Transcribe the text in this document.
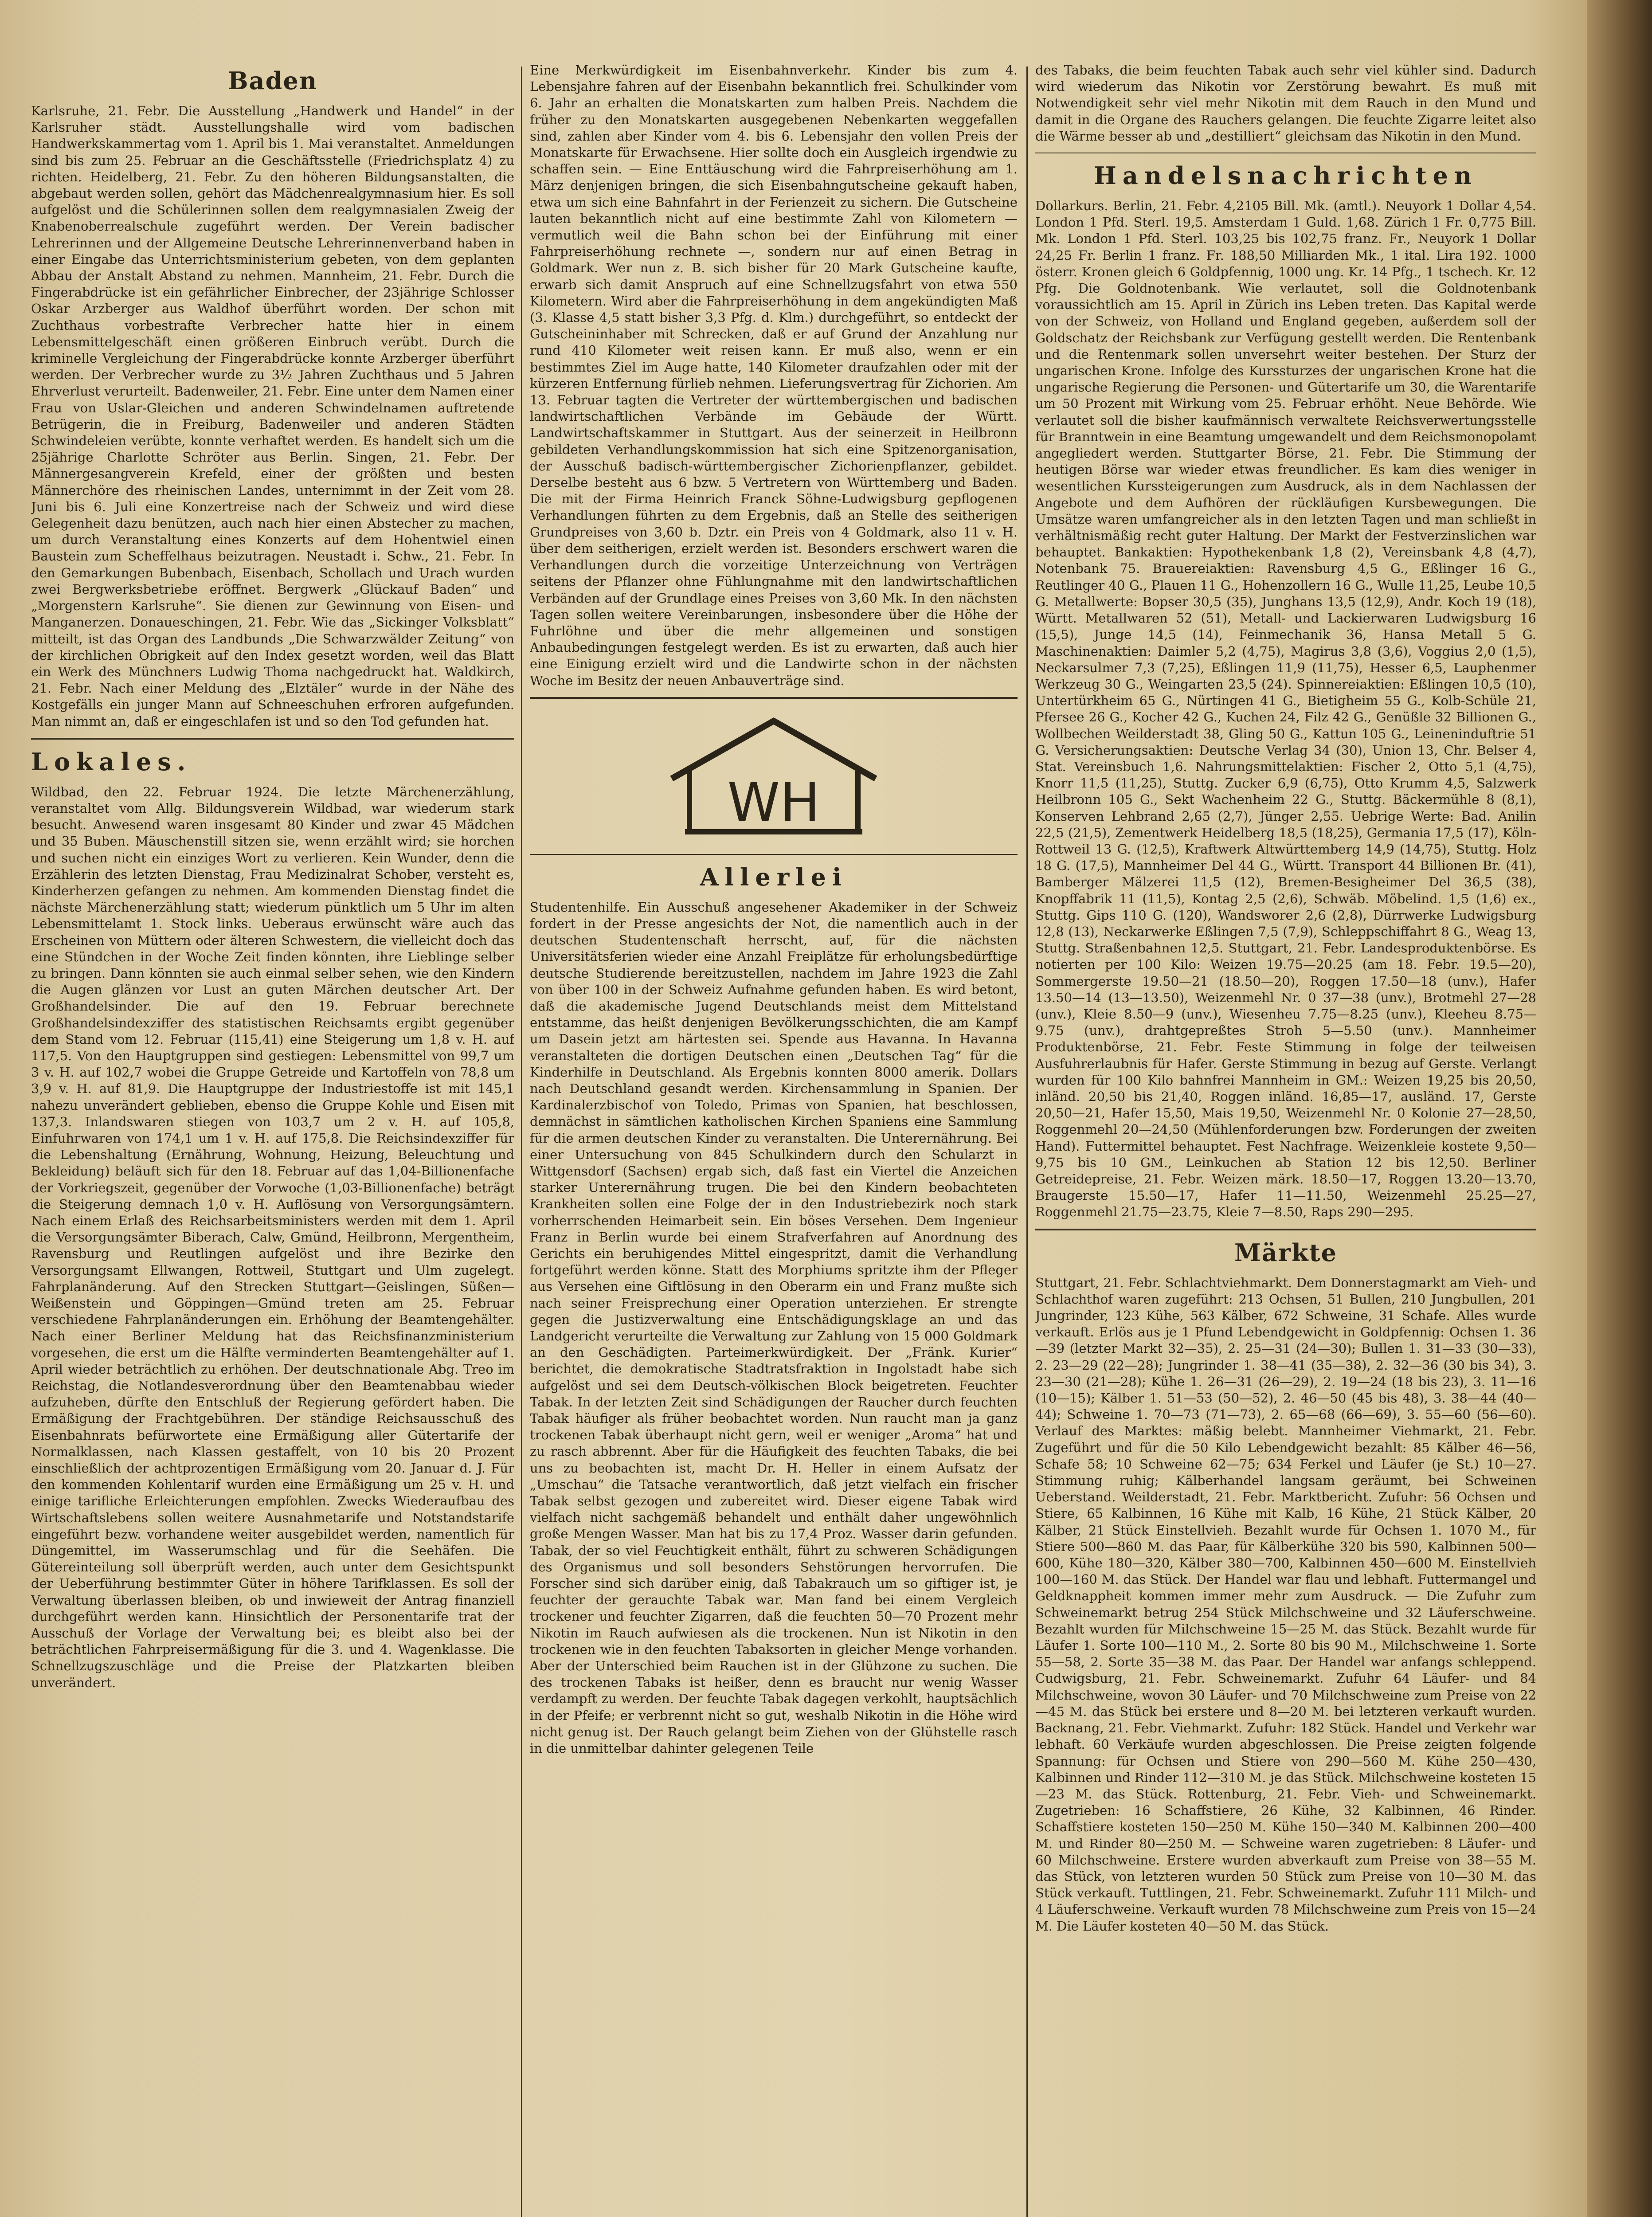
Baden

Karlsruhe, 21. Febr. Die Ausstellung „Handwerk und Handel“ in der Karlsruher städt. Ausstellungshalle wird vom badischen Handwerkskammertag vom 1. April bis 1. Mai veranstaltet. Anmeldungen sind bis zum 25. Februar an die Geschäftsstelle (Friedrichsplatz 4) zu richten. Heidelberg, 21. Febr. Zu den höheren Bildungsanstalten, die abgebaut werden sollen, gehört das Mädchenrealgymnasium hier. Es soll aufgelöst und die Schülerinnen sollen dem realgymnasialen Zweig der Knabenoberrealschule zugeführt werden. Der Verein badischer Lehrerinnen und der Allgemeine Deutsche Lehrerinnenverband haben in einer Eingabe das Unterrichtsministerium gebeten, von dem geplanten Abbau der Anstalt Abstand zu nehmen. Mannheim, 21. Febr. Durch die Fingerabdrücke ist ein gefährlicher Einbrecher, der 23jährige Schlosser Oskar Arzberger aus Waldhof überführt worden. Der schon mit Zuchthaus vorbestrafte Verbrecher hatte hier in einem Lebensmittelgeschäft einen größeren Einbruch verübt. Durch die kriminelle Vergleichung der Fingerabdrücke konnte Arzberger überführt werden. Der Verbrecher wurde zu 3½ Jahren Zuchthaus und 5 Jahren Ehrverlust verurteilt. Badenweiler, 21. Febr. Eine unter dem Namen einer Frau von Uslar-Gleichen und anderen Schwindelnamen auftretende Betrügerin, die in Freiburg, Badenweiler und anderen Städten Schwindeleien verübte, konnte verhaftet werden. Es handelt sich um die 25jährige Charlotte Schröter aus Berlin. Singen, 21. Febr. Der Männergesangverein Krefeld, einer der größten und besten Männerchöre des rheinischen Landes, unternimmt in der Zeit vom 28. Juni bis 6. Juli eine Konzertreise nach der Schweiz und wird diese Gelegenheit dazu benützen, auch nach hier einen Abstecher zu machen, um durch Veranstaltung eines Konzerts auf dem Hohentwiel einen Baustein zum Scheffelhaus beizutragen. Neustadt i. Schw., 21. Febr. In den Gemarkungen Bubenbach, Eisenbach, Schollach und Urach wurden zwei Bergwerksbetriebe eröffnet. Bergwerk „Glückauf Baden“ und „Morgenstern Karlsruhe“. Sie dienen zur Gewinnung von Eisen- und Manganerzen. Donaueschingen, 21. Febr. Wie das „Sickinger Volksblatt“ mitteilt, ist das Organ des Landbunds „Die Schwarzwälder Zeitung“ von der kirchlichen Obrigkeit auf den Index gesetzt worden, weil das Blatt ein Werk des Münchners Ludwig Thoma nachgedruckt hat. Waldkirch, 21. Febr. Nach einer Meldung des „Elztäler“ wurde in der Nähe des Kostgefälls ein junger Mann auf Schneeschuhen erfroren aufgefunden. Man nimmt an, daß er eingeschlafen ist und so den Tod gefunden hat.

Lokales.

Wildbad, den 22. Februar 1924. Die letzte Märchenerzählung, veranstaltet vom Allg. Bildungsverein Wildbad, war wiederum stark besucht. Anwesend waren insgesamt 80 Kinder und zwar 45 Mädchen und 35 Buben. Mäuschenstill sitzen sie, wenn erzählt wird; sie horchen und suchen nicht ein einziges Wort zu verlieren. Kein Wunder, denn die Erzählerin des letzten Dienstag, Frau Medizinalrat Schober, versteht es, Kinderherzen gefangen zu nehmen. Am kommenden Dienstag findet die nächste Märchenerzählung statt; wiederum pünktlich um 5 Uhr im alten Lebensmittelamt 1. Stock links. Ueberaus erwünscht wäre auch das Erscheinen von Müttern oder älteren Schwestern, die vielleicht doch das eine Stündchen in der Woche Zeit finden könnten, ihre Lieblinge selber zu bringen. Dann könnten sie auch einmal selber sehen, wie den Kindern die Augen glänzen vor Lust an guten Märchen deutscher Art. Der Großhandelsinder. Die auf den 19. Februar berechnete Großhandelsindexziffer des statistischen Reichsamts ergibt gegenüber dem Stand vom 12. Februar (115,41) eine Steigerung um 1,8 v. H. auf 117,5. Von den Hauptgruppen sind gestiegen: Lebensmittel von 99,7 um 3 v. H. auf 102,7 wobei die Gruppe Getreide und Kartoffeln von 78,8 um 3,9 v. H. auf 81,9. Die Hauptgruppe der Industriestoffe ist mit 145,1 nahezu unverändert geblieben, ebenso die Gruppe Kohle und Eisen mit 137,3. Inlandswaren stiegen von 103,7 um 2 v. H. auf 105,8, Einfuhrwaren von 174,1 um 1 v. H. auf 175,8. Die Reichsindexziffer für die Lebenshaltung (Ernährung, Wohnung, Heizung, Beleuchtung und Bekleidung) beläuft sich für den 18. Februar auf das 1,04-Billionenfache der Vorkriegszeit, gegenüber der Vorwoche (1,03-Billionenfache) beträgt die Steigerung demnach 1,0 v. H. Auflösung von Versorgungsämtern. Nach einem Erlaß des Reichsarbeitsministers werden mit dem 1. April die Versorgungsämter Biberach, Calw, Gmünd, Heilbronn, Mergentheim, Ravensburg und Reutlingen aufgelöst und ihre Bezirke den Versorgungsamt Ellwangen, Rottweil, Stuttgart und Ulm zugelegt. Fahrplanänderung. Auf den Strecken Stuttgart—Geislingen, Süßen—Weißenstein und Göppingen—Gmünd treten am 25. Februar verschiedene Fahrplanänderungen ein. Erhöhung der Beamtengehälter. Nach einer Berliner Meldung hat das Reichsfinanzministerium vorgesehen, die erst um die Hälfte verminderten Beamtengehälter auf 1. April wieder beträchtlich zu erhöhen. Der deutschnationale Abg. Treo im Reichstag, die Notlandesverordnung über den Beamtenabbau wieder aufzuheben, dürfte den Entschluß der Regierung gefördert haben. Die Ermäßigung der Frachtgebühren. Der ständige Reichsausschuß des Eisenbahnrats befürwortete eine Ermäßigung aller Gütertarife der Normalklassen, nach Klassen gestaffelt, von 10 bis 20 Prozent einschließlich der achtprozentigen Ermäßigung vom 20. Januar d. J. Für den kommenden Kohlentarif wurden eine Ermäßigung um 25 v. H. und einige tarifliche Erleichterungen empfohlen. Zwecks Wiederaufbau des Wirtschaftslebens sollen weitere Ausnahmetarife und Notstandstarife eingeführt bezw. vorhandene weiter ausgebildet werden, namentlich für Düngemittel, im Wasserumschlag und für die Seehäfen. Die Gütereinteilung soll überprüft werden, auch unter dem Gesichtspunkt der Ueberführung bestimmter Güter in höhere Tarifklassen. Es soll der Verwaltung überlassen bleiben, ob und inwieweit der Antrag finanziell durchgeführt werden kann. Hinsichtlich der Personentarife trat der Ausschuß der Vorlage der Verwaltung bei; es bleibt also bei der beträchtlichen Fahrpreisermäßigung für die 3. und 4. Wagenklasse. Die Schnellzugszuschläge und die Preise der Platzkarten bleiben unverändert.

Eine Merkwürdigkeit im Eisenbahnverkehr. Kinder bis zum 4. Lebensjahre fahren auf der Eisenbahn bekanntlich frei. Schulkinder vom 6. Jahr an erhalten die Monatskarten zum halben Preis. Nachdem die früher zu den Monatskarten ausgegebenen Nebenkarten weggefallen sind, zahlen aber Kinder vom 4. bis 6. Lebensjahr den vollen Preis der Monatskarte für Erwachsene. Hier sollte doch ein Ausgleich irgendwie zu schaffen sein. — Eine Enttäuschung wird die Fahrpreiserhöhung am 1. März denjenigen bringen, die sich Eisenbahngutscheine gekauft haben, etwa um sich eine Bahnfahrt in der Ferienzeit zu sichern. Die Gutscheine lauten bekanntlich nicht auf eine bestimmte Zahl von Kilometern — vermutlich weil die Bahn schon bei der Einführung mit einer Fahrpreiserhöhung rechnete —, sondern nur auf einen Betrag in Goldmark. Wer nun z. B. sich bisher für 20 Mark Gutscheine kaufte, erwarb sich damit Anspruch auf eine Schnellzugsfahrt von etwa 550 Kilometern. Wird aber die Fahrpreiserhöhung in dem angekündigten Maß (3. Klasse 4,5 statt bisher 3,3 Pfg. d. Klm.) durchgeführt, so entdeckt der Gutscheininhaber mit Schrecken, daß er auf Grund der Anzahlung nur rund 410 Kilometer weit reisen kann. Er muß also, wenn er ein bestimmtes Ziel im Auge hatte, 140 Kilometer draufzahlen oder mit der kürzeren Entfernung fürlieb nehmen. Lieferungsvertrag für Zichorien. Am 13. Februar tagten die Vertreter der württembergischen und badischen landwirtschaftlichen Verbände im Gebäude der Württ. Landwirtschaftskammer in Stuttgart. Aus der seinerzeit in Heilbronn gebildeten Verhandlungskommission hat sich eine Spitzenorganisation, der Ausschuß badisch-württembergischer Zichorienpflanzer, gebildet. Derselbe besteht aus 6 bzw. 5 Vertretern von Württemberg und Baden. Die mit der Firma Heinrich Franck Söhne-Ludwigsburg gepflogenen Verhandlungen führten zu dem Ergebnis, daß an Stelle des seitherigen Grundpreises von 3,60 b. Dztr. ein Preis von 4 Goldmark, also 11 v. H. über dem seitherigen, erzielt werden ist. Besonders erschwert waren die Verhandlungen durch die vorzeitige Unterzeichnung von Verträgen seitens der Pflanzer ohne Fühlungnahme mit den landwirtschaftlichen Verbänden auf der Grundlage eines Preises von 3,60 Mk. In den nächsten Tagen sollen weitere Vereinbarungen, insbesondere über die Höhe der Fuhrlöhne und über die mehr allgemeinen und sonstigen Anbaubedingungen festgelegt werden. Es ist zu erwarten, daß auch hier eine Einigung erzielt wird und die Landwirte schon in der nächsten Woche im Besitz der neuen Anbauverträge sind.

WH
Allerlei

Studentenhilfe. Ein Ausschuß angesehener Akademiker in der Schweiz fordert in der Presse angesichts der Not, die namentlich auch in der deutschen Studentenschaft herrscht, auf, für die nächsten Universitätsferien wieder eine Anzahl Freiplätze für erholungsbedürftige deutsche Studierende bereitzustellen, nachdem im Jahre 1923 die Zahl von über 100 in der Schweiz Aufnahme gefunden haben. Es wird betont, daß die akademische Jugend Deutschlands meist dem Mittelstand entstamme, das heißt denjenigen Bevölkerungsschichten, die am Kampf um Dasein jetzt am härtesten sei. Spende aus Havanna. In Havanna veranstalteten die dortigen Deutschen einen „Deutschen Tag“ für die Kinderhilfe in Deutschland. Als Ergebnis konnten 8000 amerik. Dollars nach Deutschland gesandt werden. Kirchensammlung in Spanien. Der Kardinalerzbischof von Toledo, Primas von Spanien, hat beschlossen, demnächst in sämtlichen katholischen Kirchen Spaniens eine Sammlung für die armen deutschen Kinder zu veranstalten. Die Unterernährung. Bei einer Untersuchung von 845 Schulkindern durch den Schularzt in Wittgensdorf (Sachsen) ergab sich, daß fast ein Viertel die Anzeichen starker Unterernährung trugen. Die bei den Kindern beobachteten Krankheiten sollen eine Folge der in den Industriebezirk noch stark vorherrschenden Heimarbeit sein. Ein böses Versehen. Dem Ingenieur Franz in Berlin wurde bei einem Strafverfahren auf Anordnung des Gerichts ein beruhigendes Mittel eingespritzt, damit die Verhandlung fortgeführt werden könne. Statt des Morphiums spritzte ihm der Pfleger aus Versehen eine Giftlösung in den Oberarm ein und Franz mußte sich nach seiner Freisprechung einer Operation unterziehen. Er strengte gegen die Justizverwaltung eine Entschädigungsklage an und das Landgericht verurteilte die Verwaltung zur Zahlung von 15 000 Goldmark an den Geschädigten. Parteimerkwürdigkeit. Der „Fränk. Kurier“ berichtet, die demokratische Stadtratsfraktion in Ingolstadt habe sich aufgelöst und sei dem Deutsch-völkischen Block beigetreten. Feuchter Tabak. In der letzten Zeit sind Schädigungen der Raucher durch feuchten Tabak häufiger als früher beobachtet worden. Nun raucht man ja ganz trockenen Tabak überhaupt nicht gern, weil er weniger „Aroma“ hat und zu rasch abbrennt. Aber für die Häufigkeit des feuchten Tabaks, die bei uns zu beobachten ist, macht Dr. H. Heller in einem Aufsatz der „Umschau“ die Tatsache verantwortlich, daß jetzt vielfach ein frischer Tabak selbst gezogen und zubereitet wird. Dieser eigene Tabak wird vielfach nicht sachgemäß behandelt und enthält daher ungewöhnlich große Mengen Wasser. Man hat bis zu 17,4 Proz. Wasser darin gefunden. Tabak, der so viel Feuchtigkeit enthält, führt zu schweren Schädigungen des Organismus und soll besonders Sehstörungen hervorrufen. Die Forscher sind sich darüber einig, daß Tabakrauch um so giftiger ist, je feuchter der gerauchte Tabak war. Man fand bei einem Vergleich trockener und feuchter Zigarren, daß die feuchten 50—70 Prozent mehr Nikotin im Rauch aufwiesen als die trockenen. Nun ist Nikotin in den trockenen wie in den feuchten Tabaksorten in gleicher Menge vorhanden. Aber der Unterschied beim Rauchen ist in der Glühzone zu suchen. Die des trockenen Tabaks ist heißer, denn es braucht nur wenig Wasser verdampft zu werden. Der feuchte Tabak dagegen verkohlt, hauptsächlich in der Pfeife; er verbrennt nicht so gut, weshalb Nikotin in die Höhe wird nicht genug ist. Der Rauch gelangt beim Ziehen von der Glühstelle rasch in die unmittelbar dahinter gelegenen Teile

des Tabaks, die beim feuchten Tabak auch sehr viel kühler sind. Dadurch wird wiederum das Nikotin vor Zerstörung bewahrt. Es muß mit Notwendigkeit sehr viel mehr Nikotin mit dem Rauch in den Mund und damit in die Organe des Rauchers gelangen. Die feuchte Zigarre leitet also die Wärme besser ab und „destilliert“ gleichsam das Nikotin in den Mund.

Handelsnachrichten

Dollarkurs. Berlin, 21. Febr. 4,2105 Bill. Mk. (amtl.). Neuyork 1 Dollar 4,54. London 1 Pfd. Sterl. 19,5. Amsterdam 1 Guld. 1,68. Zürich 1 Fr. 0,775 Bill. Mk. London 1 Pfd. Sterl. 103,25 bis 102,75 franz. Fr., Neuyork 1 Dollar 24,25 Fr. Berlin 1 franz. Fr. 188,50 Milliarden Mk., 1 ital. Lira 192. 1000 österr. Kronen gleich 6 Goldpfennig, 1000 ung. Kr. 14 Pfg., 1 tschech. Kr. 12 Pfg. Die Goldnotenbank. Wie verlautet, soll die Goldnotenbank voraussichtlich am 15. April in Zürich ins Leben treten. Das Kapital werde von der Schweiz, von Holland und England gegeben, außerdem soll der Goldschatz der Reichsbank zur Verfügung gestellt werden. Die Rentenbank und die Rentenmark sollen unversehrt weiter bestehen. Der Sturz der ungarischen Krone. Infolge des Kurssturzes der ungarischen Krone hat die ungarische Regierung die Personen- und Gütertarife um 30, die Warentarife um 50 Prozent mit Wirkung vom 25. Februar erhöht. Neue Behörde. Wie verlautet soll die bisher kaufmännisch verwaltete Reichsverwertungsstelle für Branntwein in eine Beamtung umgewandelt und dem Reichsmonopolamt angegliedert werden. Stuttgarter Börse, 21. Febr. Die Stimmung der heutigen Börse war wieder etwas freundlicher. Es kam dies weniger in wesentlichen Kurssteigerungen zum Ausdruck, als in dem Nachlassen der Angebote und dem Aufhören der rückläufigen Kursbewegungen. Die Umsätze waren umfangreicher als in den letzten Tagen und man schließt in verhältnismäßig recht guter Haltung. Der Markt der Festverzinslichen war behauptet. Bankaktien: Hypothekenbank 1,8 (2), Vereinsbank 4,8 (4,7), Notenbank 75. Brauereiaktien: Ravensburg 4,5 G., Eßlinger 16 G., Reutlinger 40 G., Plauen 11 G., Hohenzollern 16 G., Wulle 11,25, Leube 10,5 G. Metallwerte: Bopser 30,5 (35), Junghans 13,5 (12,9), Andr. Koch 19 (18), Württ. Metallwaren 52 (51), Metall- und Lackierwaren Ludwigsburg 16 (15,5), Junge 14,5 (14), Feinmechanik 36, Hansa Metall 5 G. Maschinenaktien: Daimler 5,2 (4,75), Magirus 3,8 (3,6), Voggius 2,0 (1,5), Neckarsulmer 7,3 (7,25), Eßlingen 11,9 (11,75), Hesser 6,5, Lauphenmer Werkzeug 30 G., Weingarten 23,5 (24). Spinnereiaktien: Eßlingen 10,5 (10), Untertürkheim 65 G., Nürtingen 41 G., Bietigheim 55 G., Kolb-Schüle 21, Pfersee 26 G., Kocher 42 G., Kuchen 24, Filz 42 G., Genüßle 32 Billionen G., Wollbechen Weilderstadt 38, Gling 50 G., Kattun 105 G., Leineninduftrie 51 G. Versicherungsaktien: Deutsche Verlag 34 (30), Union 13, Chr. Belser 4, Stat. Vereinsbuch 1,6. Nahrungsmittelaktien: Fischer 2, Otto 5,1 (4,75), Knorr 11,5 (11,25), Stuttg. Zucker 6,9 (6,75), Otto Krumm 4,5, Salzwerk Heilbronn 105 G., Sekt Wachenheim 22 G., Stuttg. Bäckermühle 8 (8,1), Konserven Lehbrand 2,65 (2,7), Jünger 2,55. Uebrige Werte: Bad. Anilin 22,5 (21,5), Zementwerk Heidelberg 18,5 (18,25), Germania 17,5 (17), Köln-Rottweil 13 G. (12,5), Kraftwerk Altwürttemberg 14,9 (14,75), Stuttg. Holz 18 G. (17,5), Mannheimer Del 44 G., Württ. Transport 44 Billionen Br. (41), Bamberger Mälzerei 11,5 (12), Bremen-Besigheimer Del 36,5 (38), Knopffabrik 11 (11,5), Kontag 2,5 (2,6), Schwäb. Möbelind. 1,5 (1,6) ex., Stuttg. Gips 110 G. (120), Wandsworer 2,6 (2,8), Dürrwerke Ludwigsburg 12,8 (13), Neckarwerke Eßlingen 7,5 (7,9), Schleppschiffahrt 8 G., Weag 13, Stuttg. Straßenbahnen 12,5. Stuttgart, 21. Febr. Landesproduktenbörse. Es notierten per 100 Kilo: Weizen 19.75—20.25 (am 18. Febr. 19.5—20), Sommergerste 19.50—21 (18.50—20), Roggen 17.50—18 (unv.), Hafer 13.50—14 (13—13.50), Weizenmehl Nr. 0 37—38 (unv.), Brotmehl 27—28 (unv.), Kleie 8.50—9 (unv.), Wiesenheu 7.75—8.25 (unv.), Kleeheu 8.75—9.75 (unv.), drahtgepreßtes Stroh 5—5.50 (unv.). Mannheimer Produktenbörse, 21. Febr. Feste Stimmung in folge der teilweisen Ausfuhrerlaubnis für Hafer. Gerste Stimmung in bezug auf Gerste. Verlangt wurden für 100 Kilo bahnfrei Mannheim in GM.: Weizen 19,25 bis 20,50, inländ. 20,50 bis 21,40, Roggen inländ. 16,85—17, ausländ. 17, Gerste 20,50—21, Hafer 15,50, Mais 19,50, Weizenmehl Nr. 0 Kolonie 27—28,50, Roggenmehl 20—24,50 (Mühlenforderungen bzw. Forderungen der zweiten Hand). Futtermittel behauptet. Fest Nachfrage. Weizenkleie kostete 9,50—9,75 bis 10 GM., Leinkuchen ab Station 12 bis 12,50. Berliner Getreidepreise, 21. Febr. Weizen märk. 18.50—17, Roggen 13.20—13.70, Braugerste 15.50—17, Hafer 11—11.50, Weizenmehl 25.25—27, Roggenmehl 21.75—23.75, Kleie 7—8.50, Raps 290—295.

Märkte

Stuttgart, 21. Febr. Schlachtviehmarkt. Dem Donnerstagmarkt am Vieh- und Schlachthof waren zugeführt: 213 Ochsen, 51 Bullen, 210 Jungbullen, 201 Jungrinder, 123 Kühe, 563 Kälber, 672 Schweine, 31 Schafe. Alles wurde verkauft. Erlös aus je 1 Pfund Lebendgewicht in Goldpfennig: Ochsen 1. 36—39 (letzter Markt 32—35), 2. 25—31 (24—30); Bullen 1. 31—33 (30—33), 2. 23—29 (22—28); Jungrinder 1. 38—41 (35—38), 2. 32—36 (30 bis 34), 3. 23—30 (21—28); Kühe 1. 26—31 (26—29), 2. 19—24 (18 bis 23), 3. 11—16 (10—15); Kälber 1. 51—53 (50—52), 2. 46—50 (45 bis 48), 3. 38—44 (40—44); Schweine 1. 70—73 (71—73), 2. 65—68 (66—69), 3. 55—60 (56—60). Verlauf des Marktes: mäßig belebt. Mannheimer Viehmarkt, 21. Febr. Zugeführt und für die 50 Kilo Lebendgewicht bezahlt: 85 Kälber 46—56, Schafe 58; 10 Schweine 62—75; 634 Ferkel und Läufer (je St.) 10—27. Stimmung ruhig; Kälberhandel langsam geräumt, bei Schweinen Ueberstand. Weilderstadt, 21. Febr. Marktbericht. Zufuhr: 56 Ochsen und Stiere, 65 Kalbinnen, 16 Kühe mit Kalb, 16 Kühe, 21 Stück Kälber, 20 Kälber, 21 Stück Einstellvieh. Bezahlt wurde für Ochsen 1. 1070 M., für Stiere 500—860 M. das Paar, für Kälberkühe 320 bis 590, Kalbinnen 500—600, Kühe 180—320, Kälber 380—700, Kalbinnen 450—600 M. Einstellvieh 100—160 M. das Stück. Der Handel war flau und lebhaft. Futtermangel und Geldknappheit kommen immer mehr zum Ausdruck. — Die Zufuhr zum Schweinemarkt betrug 254 Stück Milchschweine und 32 Läuferschweine. Bezahlt wurden für Milchschweine 15—25 M. das Stück. Bezahlt wurde für Läufer 1. Sorte 100—110 M., 2. Sorte 80 bis 90 M., Milchschweine 1. Sorte 55—58, 2. Sorte 35—38 M. das Paar. Der Handel war anfangs schleppend. Cudwigsburg, 21. Febr. Schweinemarkt. Zufuhr 64 Läufer- und 84 Milchschweine, wovon 30 Läufer- und 70 Milchschweine zum Preise von 22—45 M. das Stück bei erstere und 8—20 M. bei letzteren verkauft wurden. Backnang, 21. Febr. Viehmarkt. Zufuhr: 182 Stück. Handel und Verkehr war lebhaft. 60 Verkäufe wurden abgeschlossen. Die Preise zeigten folgende Spannung: für Ochsen und Stiere von 290—560 M. Kühe 250—430, Kalbinnen und Rinder 112—310 M. je das Stück. Milchschweine kosteten 15—23 M. das Stück. Rottenburg, 21. Febr. Vieh- und Schweinemarkt. Zugetrieben: 16 Schaffstiere, 26 Kühe, 32 Kalbinnen, 46 Rinder. Schaffstiere kosteten 150—250 M. Kühe 150—340 M. Kalbinnen 200—400 M. und Rinder 80—250 M. — Schweine waren zugetrieben: 8 Läufer- und 60 Milchschweine. Erstere wurden abverkauft zum Preise von 38—55 M. das Stück, von letzteren wurden 50 Stück zum Preise von 10—30 M. das Stück verkauft. Tuttlingen, 21. Febr. Schweinemarkt. Zufuhr 111 Milch- und 4 Läuferschweine. Verkauft wurden 78 Milchschweine zum Preis von 15—24 M. Die Läufer kosteten 40—50 M. das Stück.
